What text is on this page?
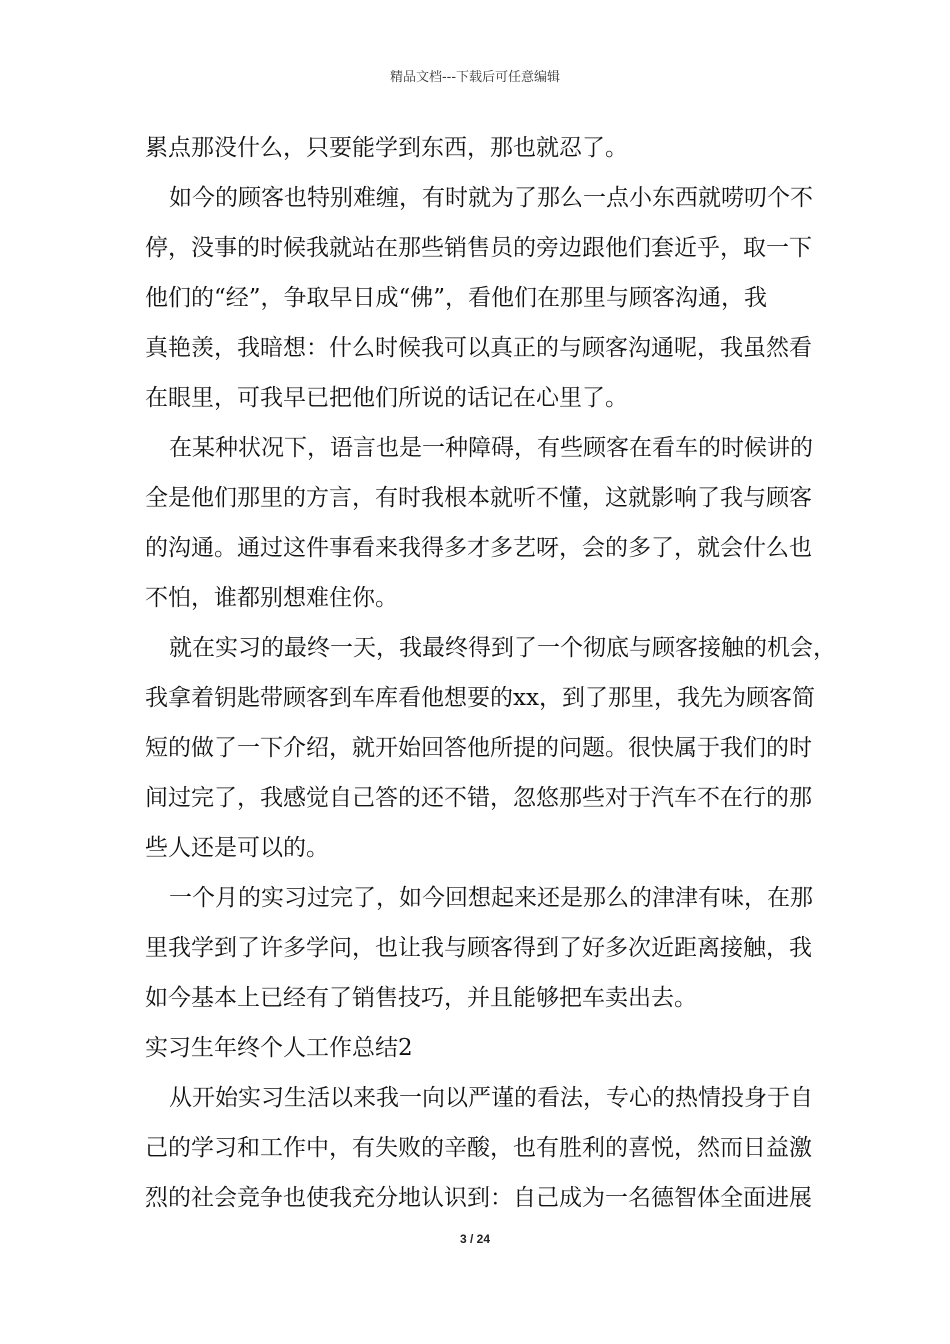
精品文档---下载后可任意编辑
累点那没什么，只要能学到东西，那也就忍了。
如今的顾客也特别难缠，有时就为了那么一点小东西就唠叨个不
停，没事的时候我就站在那些销售员的旁边跟他们套近乎，取一下
他们的“经”，争取早日成“佛”，看他们在那里与顾客沟通，我
真艳羡，我暗想：什么时候我可以真正的与顾客沟通呢，我虽然看
在眼里，可我早已把他们所说的话记在心里了。
在某种状况下，语言也是一种障碍，有些顾客在看车的时候讲的
全是他们那里的方言，有时我根本就听不懂，这就影响了我与顾客
的沟通。通过这件事看来我得多才多艺呀，会的多了，就会什么也
不怕，谁都别想难住你。
就在实习的最终一天，我最终得到了一个彻底与顾客接触的机会，
我拿着钥匙带顾客到车库看他想要的xx，到了那里，我先为顾客简
短的做了一下介绍，就开始回答他所提的问题。很快属于我们的时
间过完了，我感觉自己答的还不错，忽悠那些对于汽车不在行的那
些人还是可以的。
一个月的实习过完了，如今回想起来还是那么的津津有味，在那
里我学到了许多学问，也让我与顾客得到了好多次近距离接触，我
如今基本上已经有了销售技巧，并且能够把车卖出去。
实习生年终个人工作总结2
从开始实习生活以来我一向以严谨的看法，专心的热情投身于自
己的学习和工作中，有失败的辛酸，也有胜利的喜悦，然而日益激
烈的社会竞争也使我充分地认识到：自己成为一名德智体全面进展
3 / 24
